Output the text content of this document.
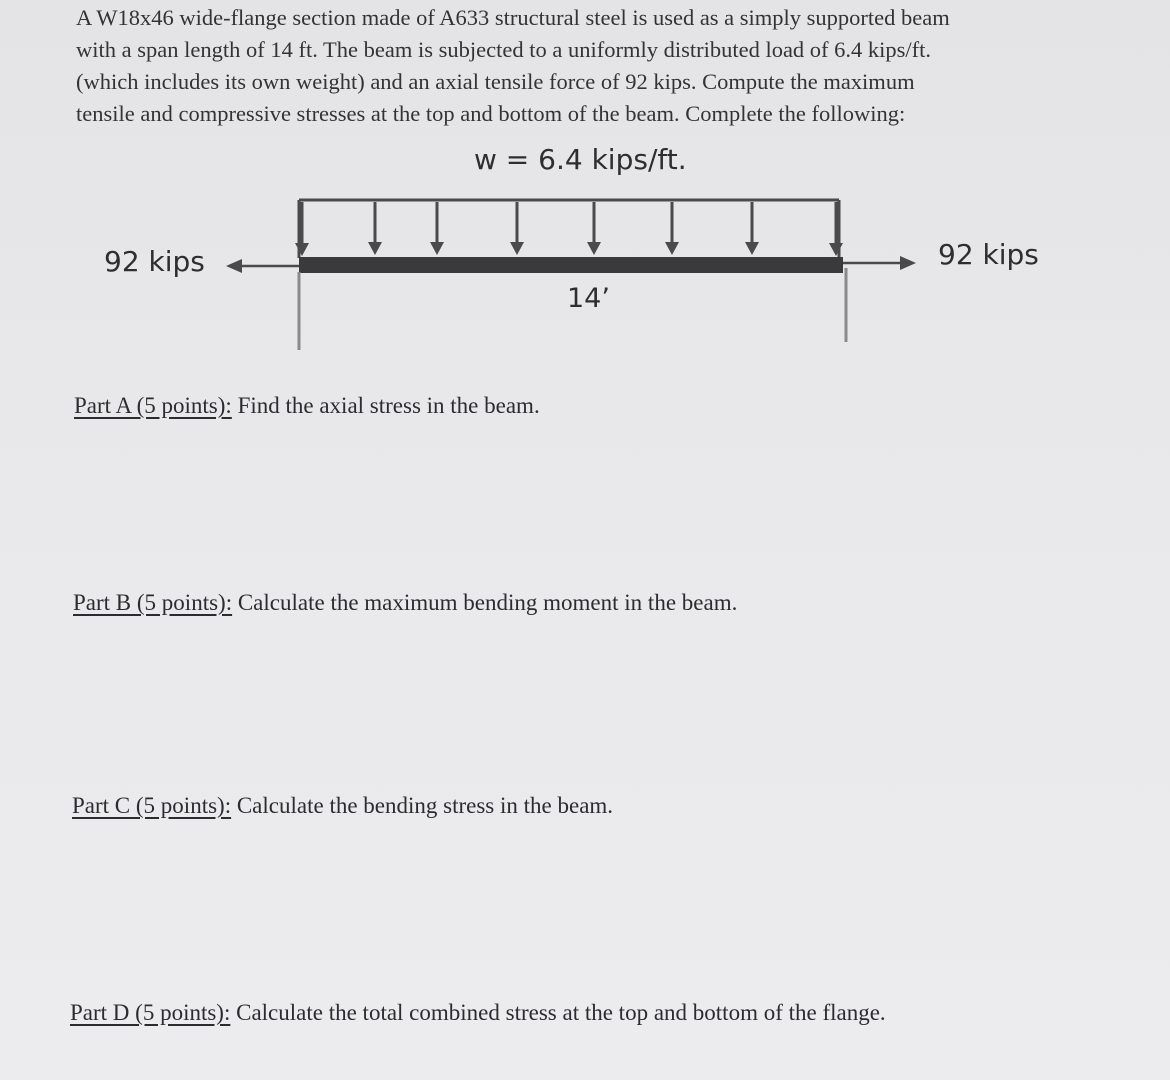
A W18x46 wide-flange section made of A633 structural steel is used as a simply supported beam
with a span length of 14 ft. The beam is subjected to a uniformly distributed load of 6.4 kips/ft.
(which includes its own weight) and an axial tensile force of 92 kips. Compute the maximum
tensile and compressive stresses at the top and bottom of the beam. Complete the following:
w = 6.4 kips/ft.
92 kips	92 kips
14’
Part A (5 points): Find the axial stress in the beam.
Part B (5 points): Calculate the maximum bending moment in the beam.
Part C (5 points): Calculate the bending stress in the beam.
Part D (5 points): Calculate the total combined stress at the top and bottom of the flange.
